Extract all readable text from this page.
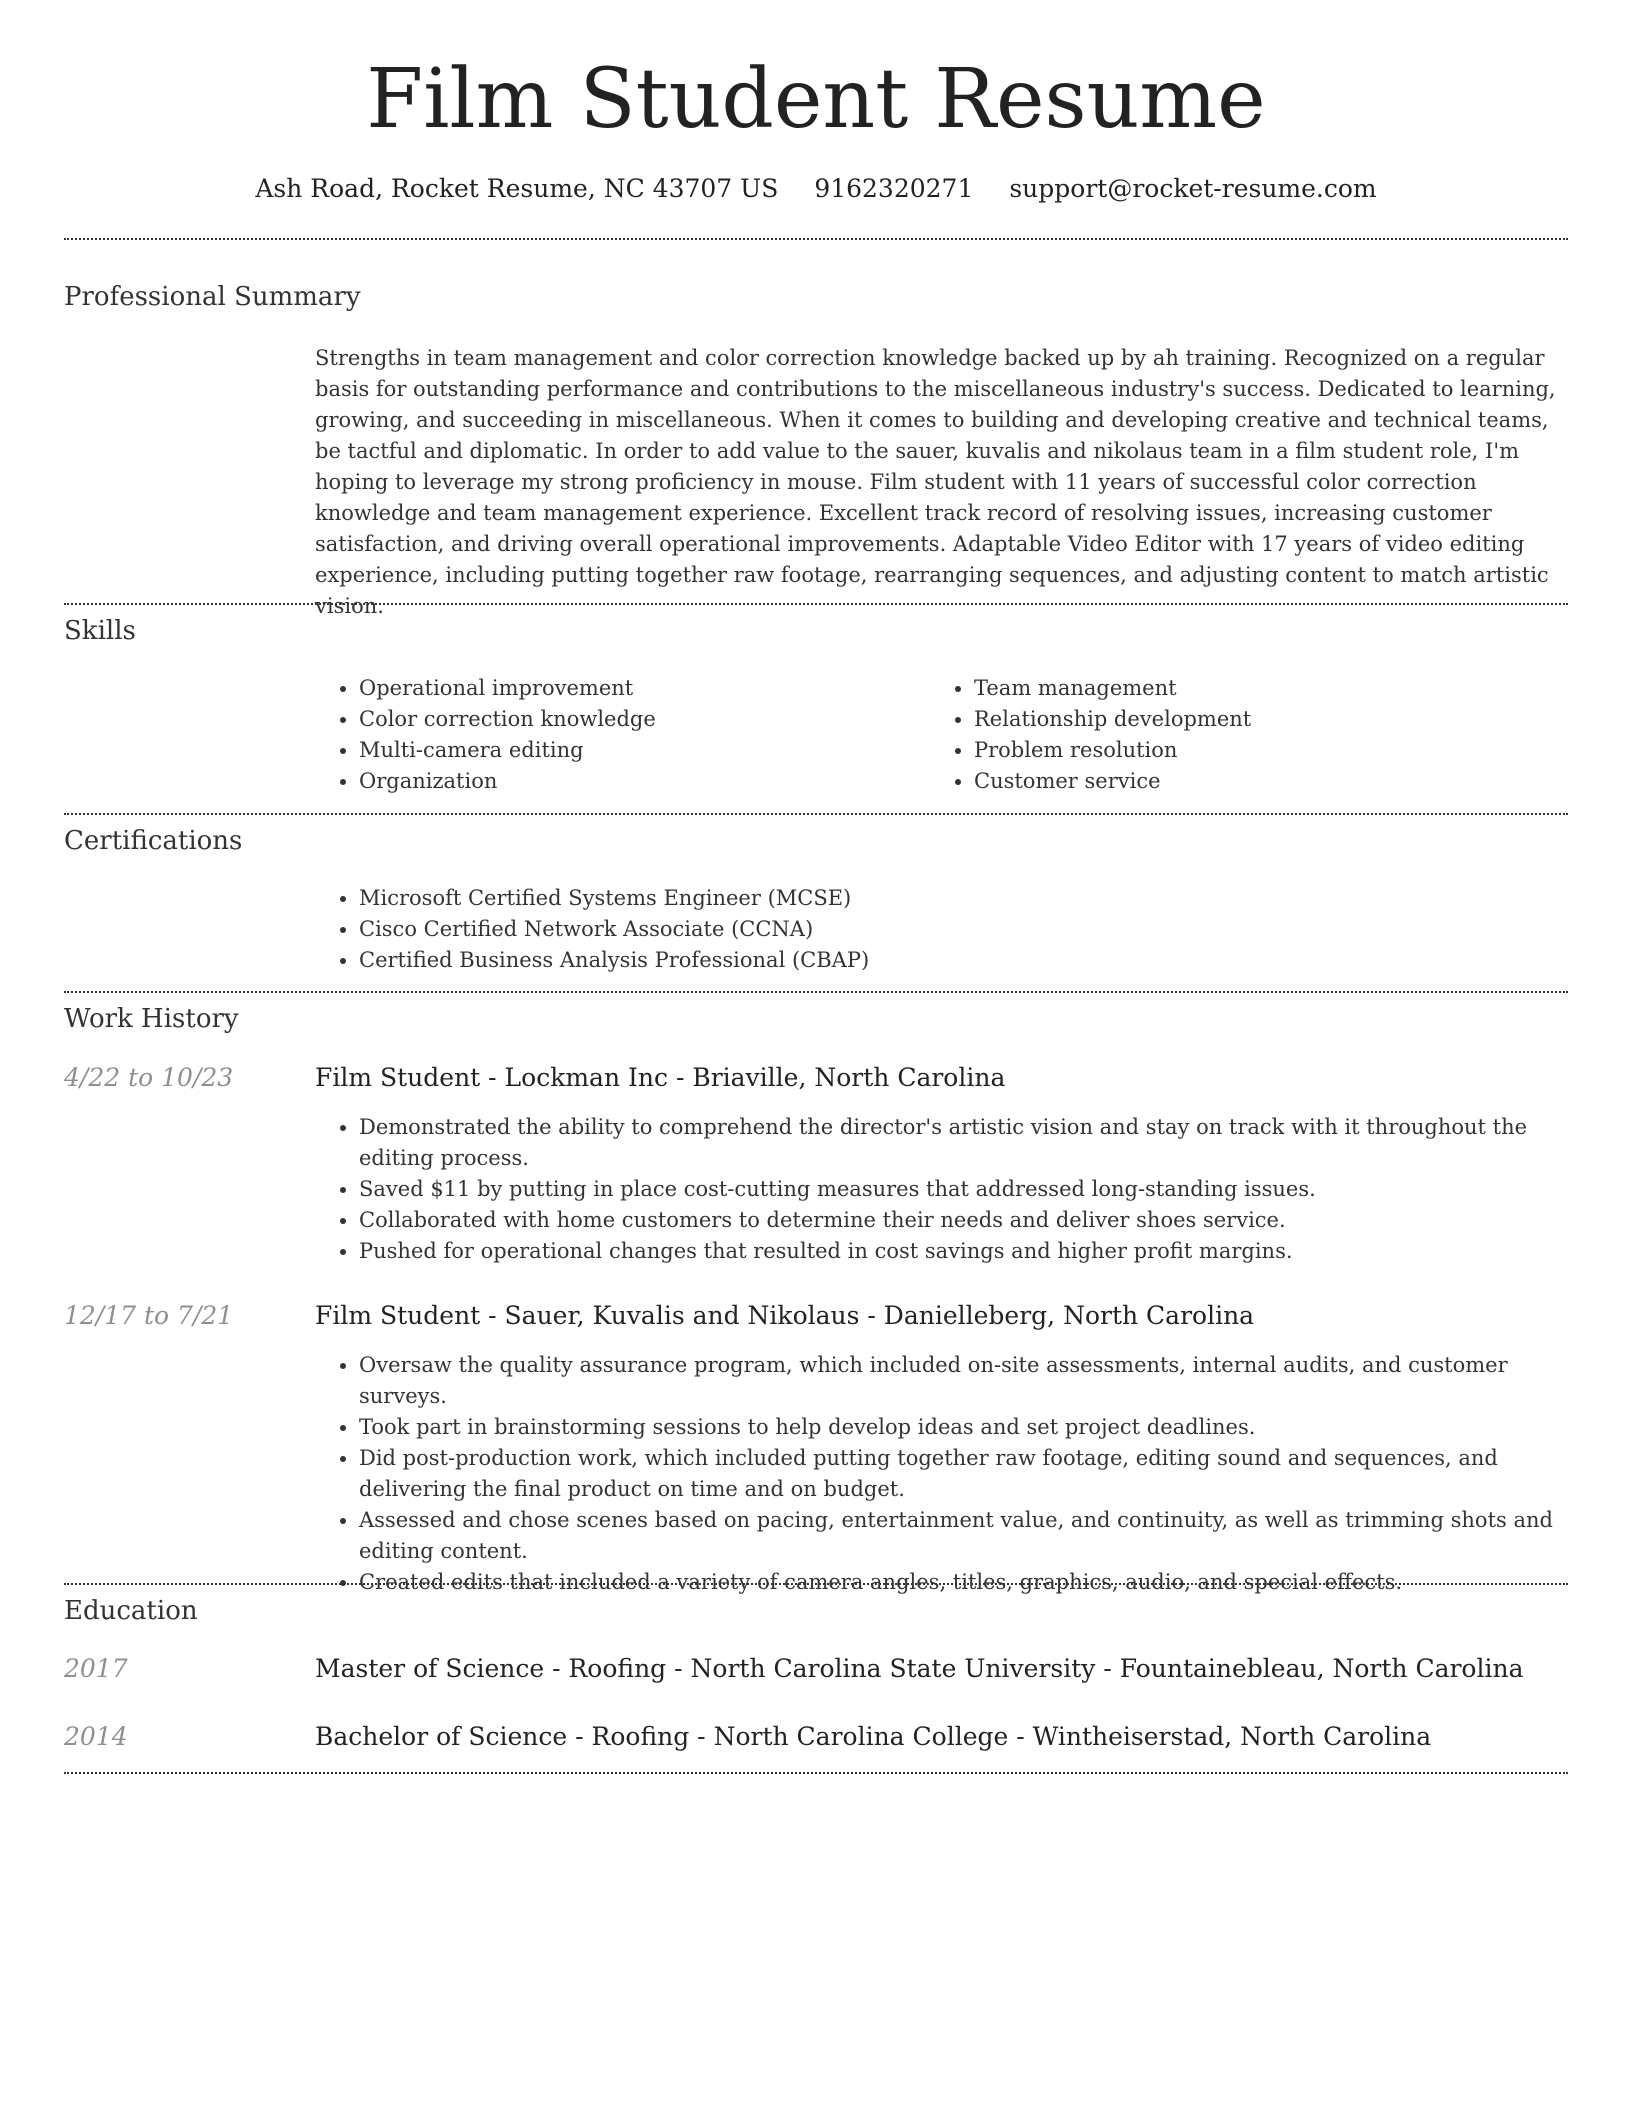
Film Student Resume
Ash Road, Rocket Resume, NC 43707 US 9162320271 support@rocket-resume.com
Professional Summary

Strengths in team management and color correction knowledge backed up by ah training. Recognized on a regular basis for outstanding performance and contributions to the miscellaneous industry's success. Dedicated to learning, growing, and succeeding in miscellaneous. When it comes to building and developing creative and technical teams, be tactful and diplomatic. In order to add value to the sauer, kuvalis and nikolaus team in a film student role, I'm hoping to leverage my strong proficiency in mouse. Film student with 11 years of successful color correction knowledge and team management experience. Excellent track record of resolving issues, increasing customer satisfaction, and driving overall operational improvements. Adaptable Video Editor with 17 years of video editing experience, including putting together raw footage, rearranging sequences, and adjusting content to match artistic vision.

Skills
• Operational improvement
• Color correction knowledge
• Multi-camera editing
• Organization
• Team management
• Relationship development
• Problem resolution
• Customer service
Certifications
• Microsoft Certified Systems Engineer (MCSE)
• Cisco Certified Network Associate (CCNA)
• Certified Business Analysis Professional (CBAP)
Work History
4/22 to 10/23	Film Student - Lockman Inc - Briaville, North Carolina
• Demonstrated the ability to comprehend the director's artistic vision and stay on track with it throughout the editing process.
• Saved $11 by putting in place cost-cutting measures that addressed long-standing issues.
• Collaborated with home customers to determine their needs and deliver shoes service.
• Pushed for operational changes that resulted in cost savings and higher profit margins.
12/17 to 7/21	Film Student - Sauer, Kuvalis and Nikolaus - Danielleberg, North Carolina
• Oversaw the quality assurance program, which included on-site assessments, internal audits, and customer surveys.
• Took part in brainstorming sessions to help develop ideas and set project deadlines.
• Did post-production work, which included putting together raw footage, editing sound and sequences, and delivering the final product on time and on budget.
• Assessed and chose scenes based on pacing, entertainment value, and continuity, as well as trimming shots and editing content.
• Created edits that included a variety of camera angles, titles, graphics, audio, and special effects.
Education
2017	Master of Science - Roofing - North Carolina State University - Fountainebleau, North Carolina
2014	Bachelor of Science - Roofing - North Carolina College - Wintheiserstad, North Carolina
